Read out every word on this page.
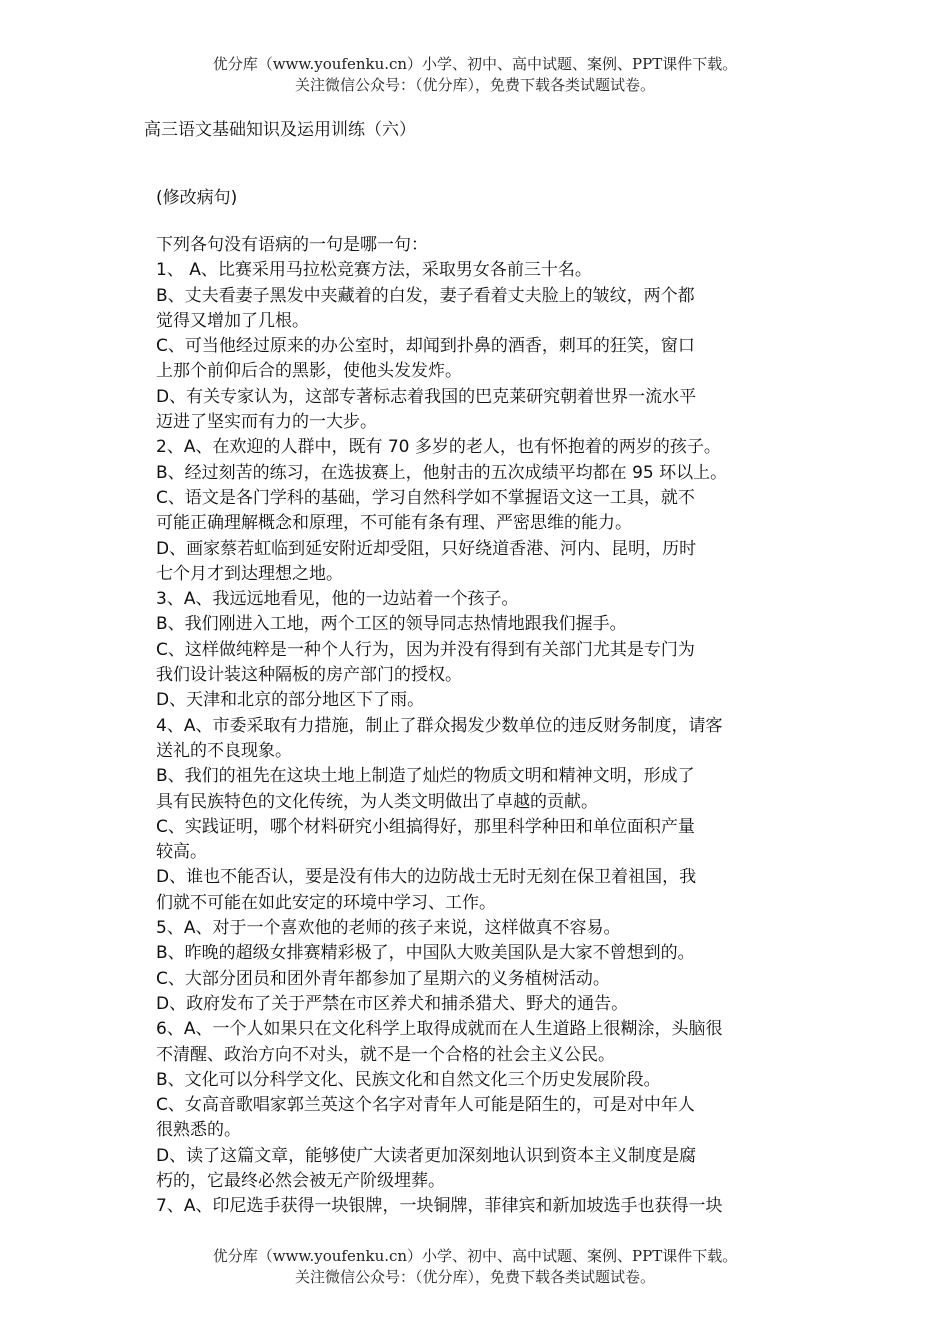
优分库（www.youfenku.cn）小学、初中、高中试题、案例、PPT课件下载。
关注微信公众号：（优分库），免费下载各类试题试卷。
高三语文基础知识及运用训练（六）
(修改病句)
下列各句没有语病的一句是哪一句：
1、 A、比赛采用马拉松竞赛方法，采取男女各前三十名。
B、丈夫看妻子黑发中夹藏着的白发，妻子看着丈夫脸上的皱纹，两个都
觉得又增加了几根。
C、可当他经过原来的办公室时，却闻到扑鼻的酒香，刺耳的狂笑，窗口
上那个前仰后合的黑影，使他头发发炸。
D、有关专家认为，这部专著标志着我国的巴克莱研究朝着世界一流水平
迈进了坚实而有力的一大步。
2、A、在欢迎的人群中，既有 70 多岁的老人，也有怀抱着的两岁的孩子。
B、经过刻苦的练习，在选拔赛上，他射击的五次成绩平均都在 95 环以上。
C、语文是各门学科的基础，学习自然科学如不掌握语文这一工具，就不
可能正确理解概念和原理，不可能有条有理、严密思维的能力。
D、画家蔡若虹临到延安附近却受阻，只好绕道香港、河内、昆明，历时
七个月才到达理想之地。
3、A、我远远地看见，他的一边站着一个孩子。
B、我们刚进入工地，两个工区的领导同志热情地跟我们握手。
C、这样做纯粹是一种个人行为，因为并没有得到有关部门尤其是专门为
我们设计装这种隔板的房产部门的授权。
D、天津和北京的部分地区下了雨。
4、A、市委采取有力措施，制止了群众揭发少数单位的违反财务制度，请客
送礼的不良现象。
B、我们的祖先在这块土地上制造了灿烂的物质文明和精神文明，形成了
具有民族特色的文化传统，为人类文明做出了卓越的贡献。
C、实践证明，哪个材料研究小组搞得好，那里科学种田和单位面积产量
较高。
D、谁也不能否认，要是没有伟大的边防战士无时无刻在保卫着祖国，我
们就不可能在如此安定的环境中学习、工作。
5、A、对于一个喜欢他的老师的孩子来说，这样做真不容易。
B、昨晚的超级女排赛精彩极了，中国队大败美国队是大家不曾想到的。
C、大部分团员和团外青年都参加了星期六的义务植树活动。
D、政府发布了关于严禁在市区养犬和捕杀猎犬、野犬的通告。
6、A、一个人如果只在文化科学上取得成就而在人生道路上很糊涂，头脑很
不清醒、政治方向不对头，就不是一个合格的社会主义公民。
B、文化可以分科学文化、民族文化和自然文化三个历史发展阶段。
C、女高音歌唱家郭兰英这个名字对青年人可能是陌生的，可是对中年人
很熟悉的。
D、读了这篇文章，能够使广大读者更加深刻地认识到资本主义制度是腐
朽的，它最终必然会被无产阶级埋葬。
7、A、印尼选手获得一块银牌，一块铜牌，菲律宾和新加坡选手也获得一块
优分库（www.youfenku.cn）小学、初中、高中试题、案例、PPT课件下载。
关注微信公众号：（优分库），免费下载各类试题试卷。
